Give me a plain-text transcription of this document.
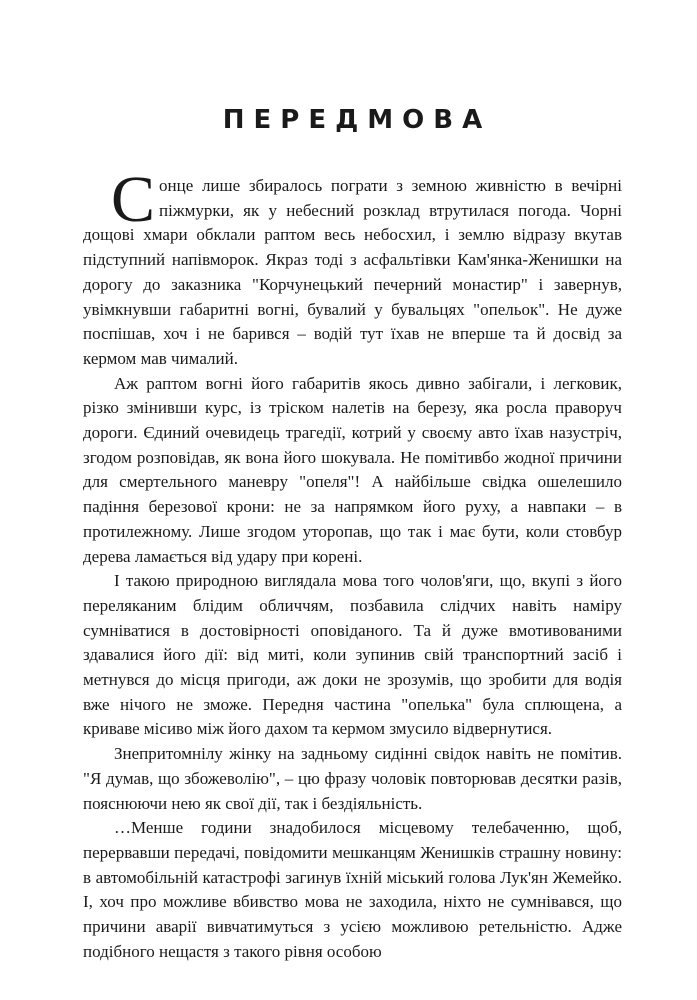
ПЕРЕДМОВА

Сонце лише збиралось пограти з земною живністю в вечірні піжмурки, як у небесний розклад втрутилася погода. Чорні дощові хмари обклали раптом весь небосхил, і землю відразу вкутав підступний напівморок. Якраз тоді з асфальтівки Кам'янка-Женишки на дорогу до заказника "Корчунецький печерний монастир" і завернув, увімкнувши габаритні вогні, бувалий у бувальцях "опельок". Не дуже поспішав, хоч і не барився – водій тут їхав не вперше та й досвід за кермом мав чималий.

Аж раптом вогні його габаритів якось дивно забігали, і легковик, різко змінивши курс, із тріском налетів на березу, яка росла праворуч дороги. Єдиний очевидець трагедії, котрий у своєму авто їхав назустріч, згодом розповідав, як вона його шокувала. Не помітивбо жодної причини для смертельного маневру "опеля"! А найбільше свідка ошелешило падіння березової крони: не за напрямком його руху, а навпаки – в протилежному. Лише згодом уторопав, що так і має бути, коли стовбур дерева ламається від удару при корені.

І такою природною виглядала мова того чолов'яги, що, вкупі з його переляканим блідим обличчям, позбавила слідчих навіть наміру сумніватися в достовірності оповіданого. Та й дуже вмотивованими здавалися його дії: від миті, коли зупинив свій транспортний засіб і метнувся до місця пригоди, аж доки не зрозумів, що зробити для водія вже нічого не зможе. Передня частина "опелька" була сплющена, а криваве місиво між його дахом та кермом змусило відвернутися.

Знепритомнілу жінку на задньому сидінні свідок навіть не помітив. "Я думав, що збожеволію", – цю фразу чоловік повторював десятки разів, пояснюючи нею як свої дії, так і бездіяльність.

…Менше години знадобилося місцевому телебаченню, щоб, перервавши передачі, повідомити мешканцям Женишків страшну новину: в автомобільній катастрофі загинув їхній міський голова Лук'ян Жемейко. І, хоч про можливе вбивство мова не заходила, ніхто не сумнівався, що причини аварії вивчатимуться з усією можливою ретельністю. Адже подібного нещастя з такого рівня особою
